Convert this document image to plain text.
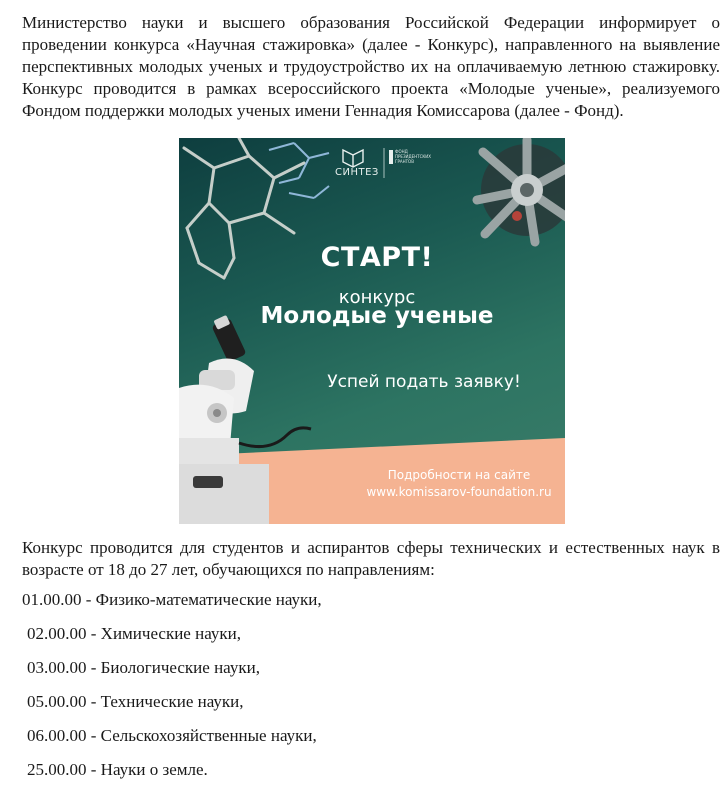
Министерство науки и высшего образования Российской Федерации информирует о проведении конкурса «Научная стажировка» (далее - Конкурс), направленного на выявление перспективных молодых ученых и трудоустройство их на оплачиваемую летнюю стажировку. Конкурс проводится в рамках всероссийского проекта «Молодые ученые», реализуемого Фондом поддержки молодых ученых имени Геннадия Комиссарова (далее - Фонд).

СИНТЕЗ
ФОНД ПРЕЗИДЕНТСКИХ ГРАНТОВ
СТАРТ!
конкурс
Молодые ученые
Успей подать заявку!
Подробности на сайте
www.komissarov-foundation.ru

Конкурс проводится для студентов и аспирантов сферы технических и естественных наук в возрасте от 18 до 27 лет, обучающихся по направлениям:

01.00.00 - Физико-математические науки,

02.00.00 - Химические науки,

03.00.00 - Биологические науки,

05.00.00 - Технические науки,

06.00.00 - Сельскохозяйственные науки,

25.00.00 - Науки о земле.
